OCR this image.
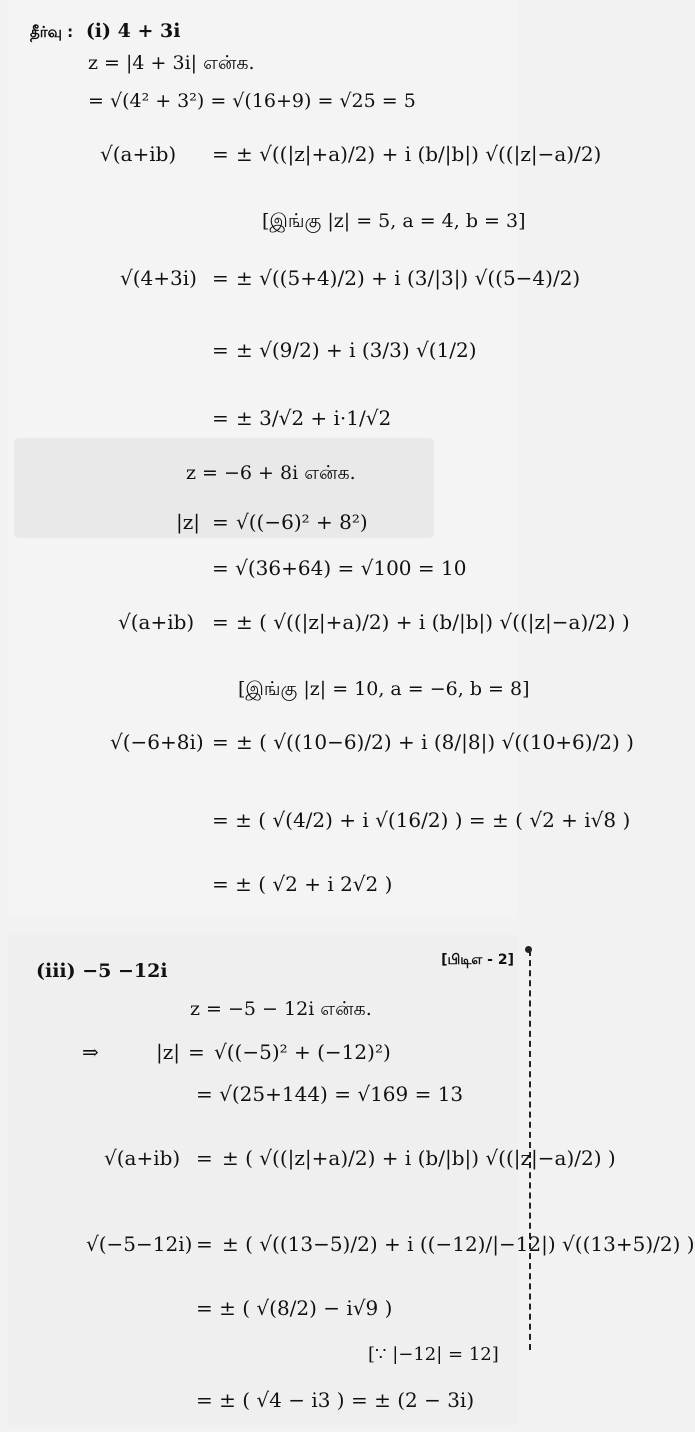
தீர்வு : (i) 4 + 3i
z = |4 + 3i| என்க.
= √(4² + 3²) = √(16+9) = √25 = 5
√(a+ib) = ± √((|z|+a)/2) + i (b/|b|) √((|z|−a)/2)
[இங்கு |z| = 5, a = 4, b = 3]
√(4+3i) = ± √((5+4)/2) + i (3/|3|) √((5−4)/2)
= ± √(9/2) + i (3/3) √(1/2)
= ± 3/√2 + i·1/√2
z = −6 + 8i என்க.
|z| = √((−6)² + 8²)
= √(36+64) = √100 = 10
√(a+ib) = ± ( √((|z|+a)/2) + i (b/|b|) √((|z|−a)/2) )
[இங்கு |z| = 10, a = −6, b = 8]
√(−6+8i) = ± ( √((10−6)/2) + i (8/|8|) √((10+6)/2) )
= ± ( √(4/2) + i √(16/2) ) = ± ( √2 + i√8 )
= ± ( √2 + i 2√2 )
(iii) −5 −12i	[பிடிஎ - 2]
z = −5 − 12i என்க.
⇒	|z| = √((−5)² + (−12)²)
= √(25+144) = √169 = 13
√(a+ib) = ± ( √((|z|+a)/2) + i (b/|b|) √((|z|−a)/2) )
√(−5−12i) = ± ( √((13−5)/2) + i ((−12)/|−12|) √((13+5)/2) )
= ± ( √(8/2) − i√9 )
[∵ |−12| = 12]
= ± ( √4 − i3 ) = ± (2 − 3i)
